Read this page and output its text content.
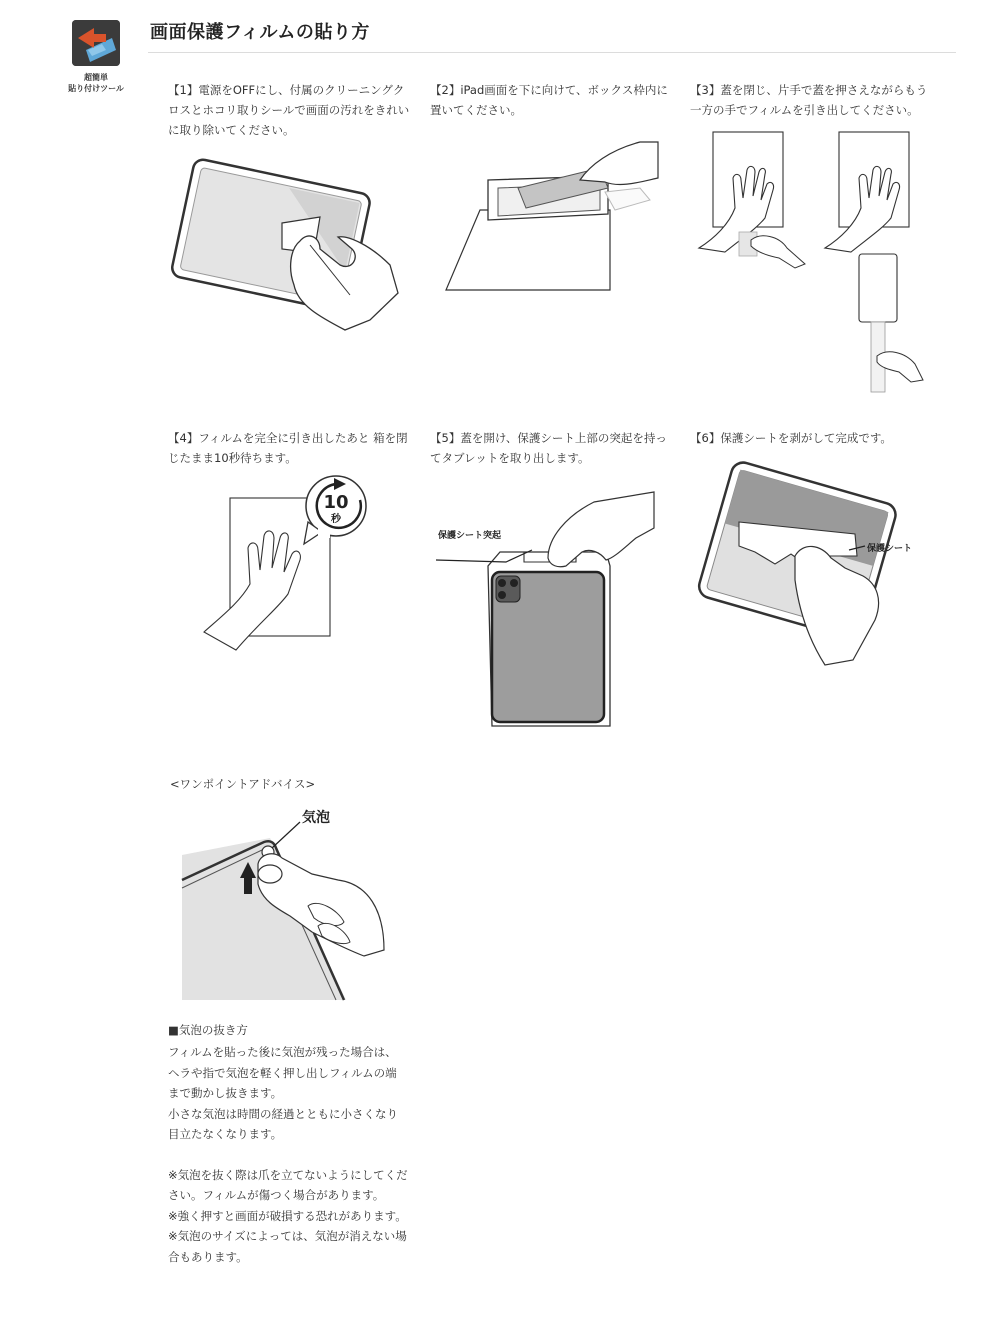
超簡単
貼り付けツール
画面保護フィルムの貼り方
【1】電源をOFFにし、付属のクリーニングクロスとホコリ取りシールで画面の汚れをきれいに取り除いてください。
【2】iPad画面を下に向けて、ボックス枠内に置いてください。
【3】蓋を閉じ、片手で蓋を押さえながらもう一方の手でフィルムを引き出してください。
【4】フィルムを完全に引き出したあと 箱を閉じたまま10秒待ちます。
【5】蓋を開け、保護シート上部の突起を持ってタブレットを取り出します。
【6】保護シートを剥がして完成です。
10
秒
保護シート突起
保護シート
<ワンポイントアドバイス>
気泡
■気泡の抜き方

フィルムを貼った後に気泡が残った場合は、ヘラや指で気泡を軽く押し出しフィルムの端まで動かし抜きます。

小さな気泡は時間の経過とともに小さくなり目立たなくなります。

※気泡を抜く際は爪を立てないようにしてください。フィルムが傷つく場合があります。

※強く押すと画面が破損する恐れがあります。

※気泡のサイズによっては、気泡が消えない場合もあります。
